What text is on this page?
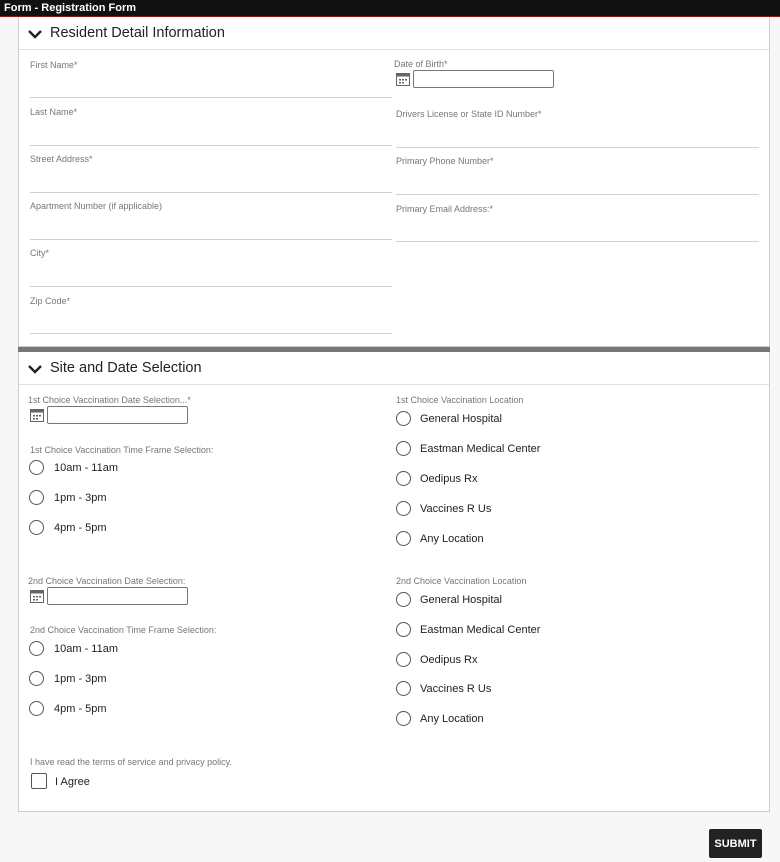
Form - Registration Form
Resident Detail Information
First Name*
Last Name*
Street Address*
Apartment Number (if applicable)
City*
Zip Code*
Date of Birth*
Drivers License or State ID Number*
Primary Phone Number*
Primary Email Address:*
Site and Date Selection
1st Choice Vaccination Date Selection...*
1st Choice Vaccination Time Frame Selection:
10am - 11am
1pm - 3pm
4pm - 5pm
1st Choice Vaccination Location
General Hospital
Eastman Medical Center
Oedipus Rx
Vaccines R Us
Any Location
2nd Choice Vaccination Date Selection:
2nd Choice Vaccination Time Frame Selection:
10am - 11am
1pm - 3pm
4pm - 5pm
2nd Choice Vaccination Location
General Hospital
Eastman Medical Center
Oedipus Rx
Vaccines R Us
Any Location
I have read the terms of service and privacy policy.
I Agree
SUBMIT
